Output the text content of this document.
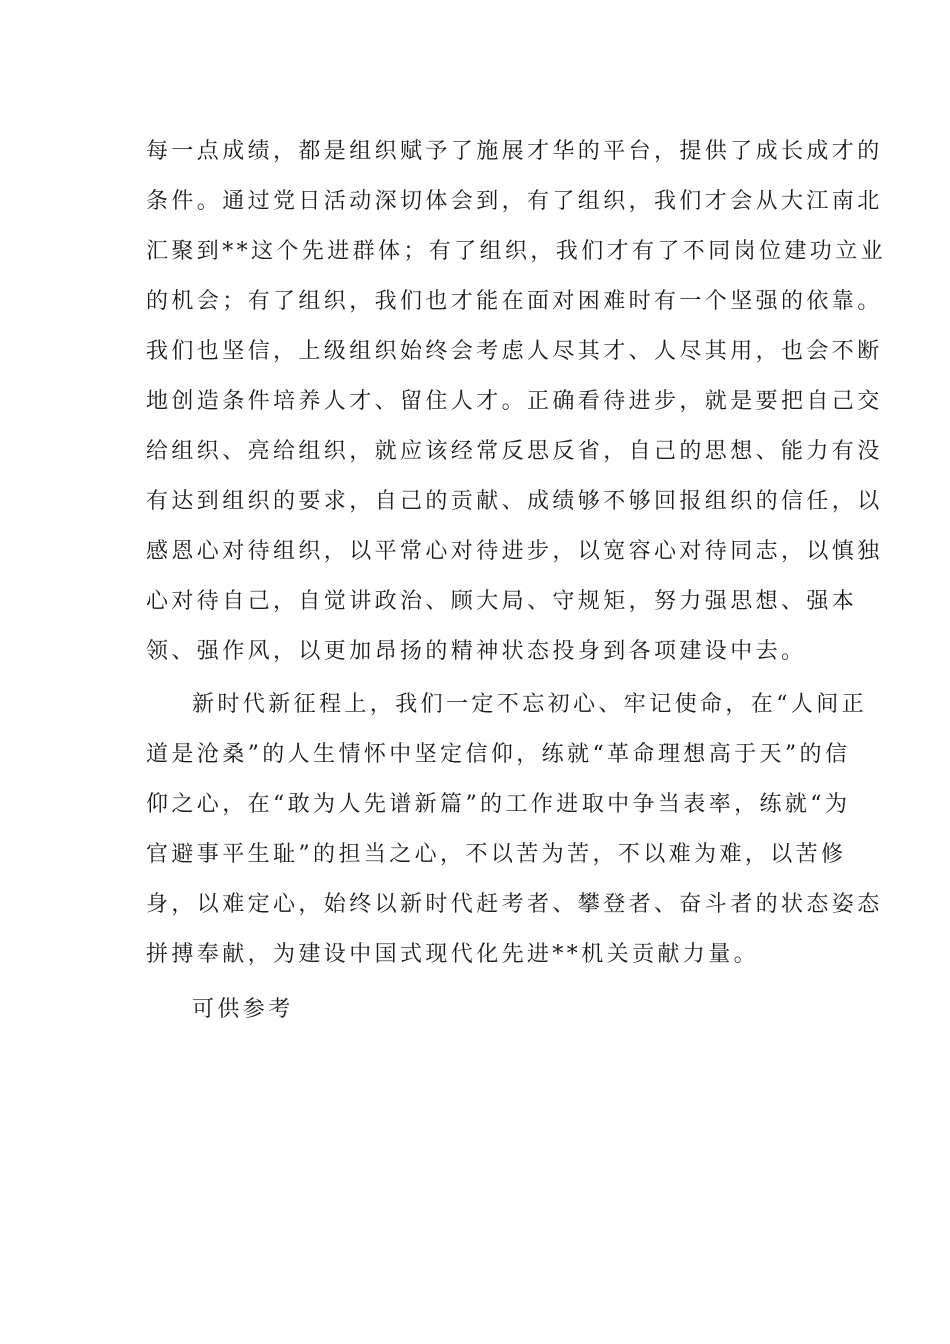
每一点成绩，都是组织赋予了施展才华的平台，提供了成长成才的
条件。通过党日活动深切体会到，有了组织，我们才会从大江南北
汇聚到**这个先进群体；有了组织，我们才有了不同岗位建功立业
的机会；有了组织，我们也才能在面对困难时有一个坚强的依靠。
我们也坚信，上级组织始终会考虑人尽其才、人尽其用，也会不断
地创造条件培养人才、留住人才。正确看待进步，就是要把自己交
给组织、亮给组织，就应该经常反思反省，自己的思想、能力有没
有达到组织的要求，自己的贡献、成绩够不够回报组织的信任，以
感恩心对待组织，以平常心对待进步，以宽容心对待同志，以慎独
心对待自己，自觉讲政治、顾大局、守规矩，努力强思想、强本
领、强作风，以更加昂扬的精神状态投身到各项建设中去。
新时代新征程上，我们一定不忘初心、牢记使命，在“人间正
道是沧桑”的人生情怀中坚定信仰，练就“革命理想高于天”的信
仰之心，在“敢为人先谱新篇”的工作进取中争当表率，练就“为
官避事平生耻”的担当之心，不以苦为苦，不以难为难，以苦修
身，以难定心，始终以新时代赶考者、攀登者、奋斗者的状态姿态
拼搏奉献，为建设中国式现代化先进**机关贡献力量。
可供参考
